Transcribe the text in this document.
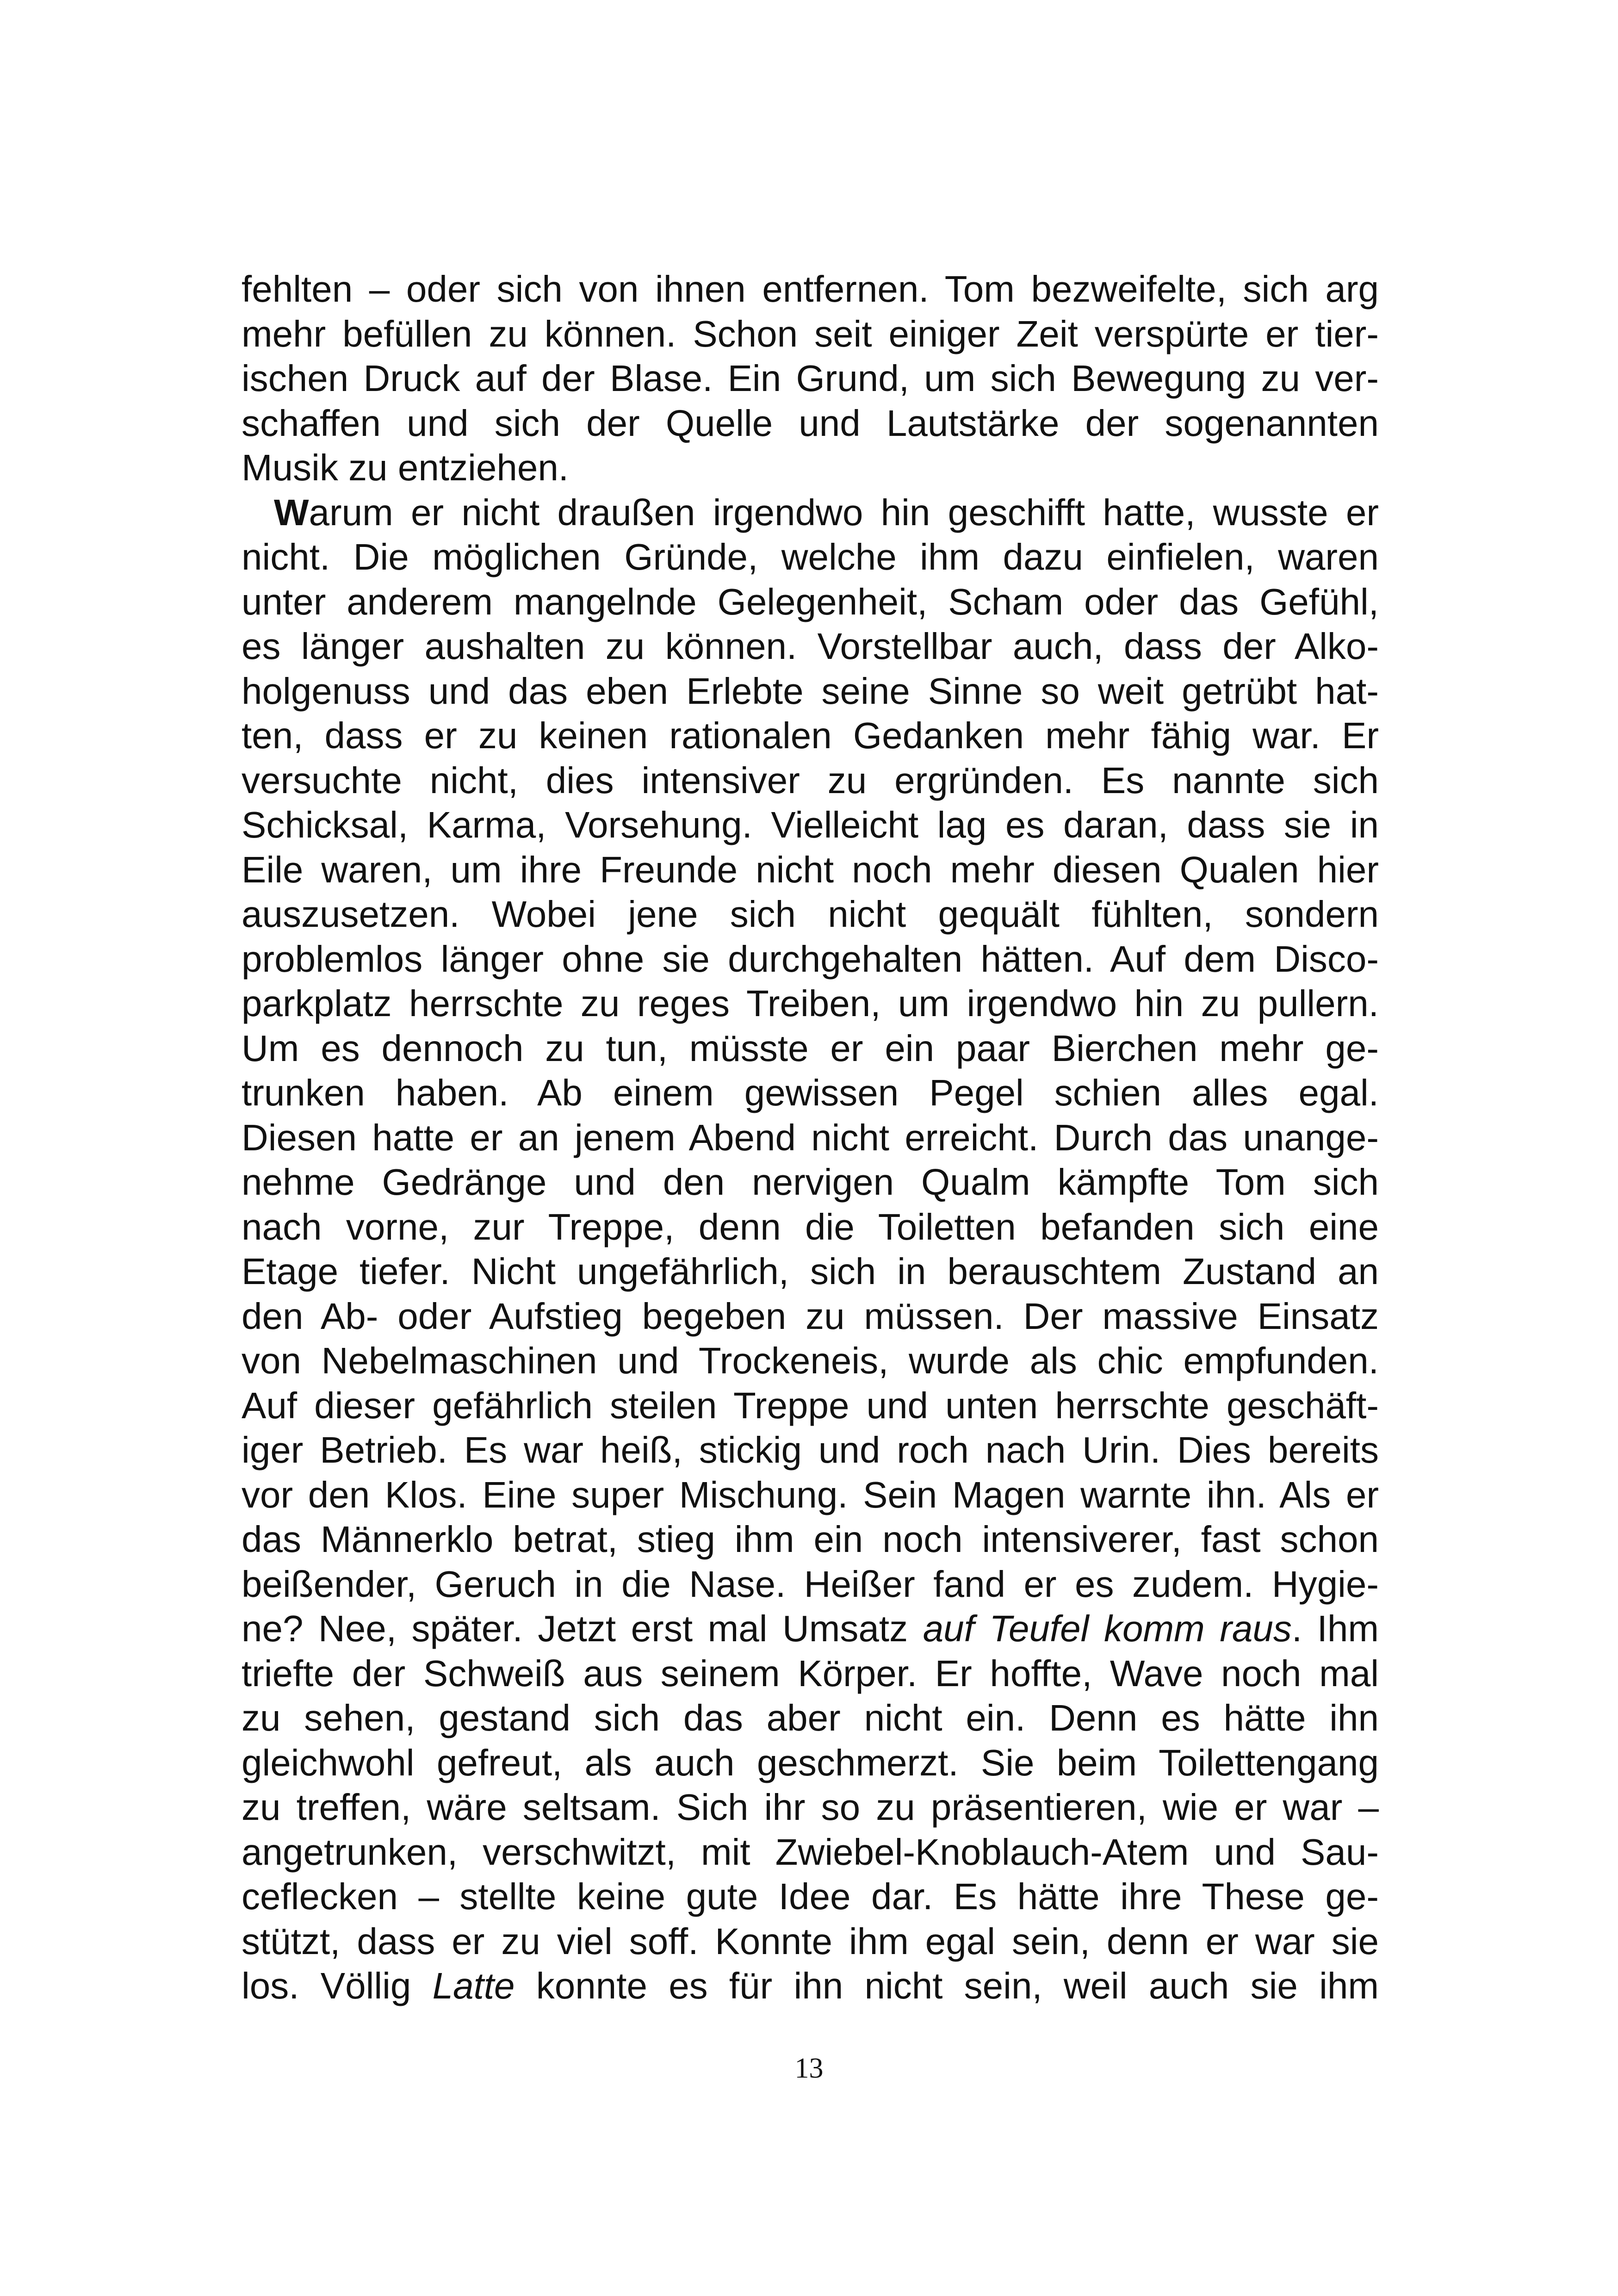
fehlten – oder sich von ihnen entfernen. Tom bezweifelte, sich arg
mehr befüllen zu können. Schon seit einiger Zeit verspürte er tier-
ischen Druck auf der Blase. Ein Grund, um sich Bewegung zu ver-
schaffen und sich der Quelle und Lautstärke der sogenannten
Musik zu entziehen.
Warum er nicht draußen irgendwo hin geschifft hatte, wusste er
nicht. Die möglichen Gründe, welche ihm dazu einfielen, waren
unter anderem mangelnde Gelegenheit, Scham oder das Gefühl,
es länger aushalten zu können. Vorstellbar auch, dass der Alko-
holgenuss und das eben Erlebte seine Sinne so weit getrübt hat-
ten, dass er zu keinen rationalen Gedanken mehr fähig war. Er
versuchte nicht, dies intensiver zu ergründen. Es nannte sich
Schicksal, Karma, Vorsehung. Vielleicht lag es daran, dass sie in
Eile waren, um ihre Freunde nicht noch mehr diesen Qualen hier
auszusetzen. Wobei jene sich nicht gequält fühlten, sondern
problemlos länger ohne sie durchgehalten hätten. Auf dem Disco-
parkplatz herrschte zu reges Treiben, um irgendwo hin zu pullern.
Um es dennoch zu tun, müsste er ein paar Bierchen mehr ge-
trunken haben. Ab einem gewissen Pegel schien alles egal.
Diesen hatte er an jenem Abend nicht erreicht. Durch das unange-
nehme Gedränge und den nervigen Qualm kämpfte Tom sich
nach vorne, zur Treppe, denn die Toiletten befanden sich eine
Etage tiefer. Nicht ungefährlich, sich in berauschtem Zustand an
den Ab- oder Aufstieg begeben zu müssen. Der massive Einsatz
von Nebelmaschinen und Trockeneis, wurde als chic empfunden.
Auf dieser gefährlich steilen Treppe und unten herrschte geschäft-
iger Betrieb. Es war heiß, stickig und roch nach Urin. Dies bereits
vor den Klos. Eine super Mischung. Sein Magen warnte ihn. Als er
das Männerklo betrat, stieg ihm ein noch intensiverer, fast schon
beißender, Geruch in die Nase. Heißer fand er es zudem. Hygie-
ne? Nee, später. Jetzt erst mal Umsatz auf Teufel komm raus. Ihm
triefte der Schweiß aus seinem Körper. Er hoffte, Wave noch mal
zu sehen, gestand sich das aber nicht ein. Denn es hätte ihn
gleichwohl gefreut, als auch geschmerzt. Sie beim Toilettengang
zu treffen, wäre seltsam. Sich ihr so zu präsentieren, wie er war –
angetrunken, verschwitzt, mit Zwiebel-Knoblauch-Atem und Sau-
ceflecken – stellte keine gute Idee dar. Es hätte ihre These ge-
stützt, dass er zu viel soff. Konnte ihm egal sein, denn er war sie
los. Völlig Latte konnte es für ihn nicht sein, weil auch sie ihm
13
